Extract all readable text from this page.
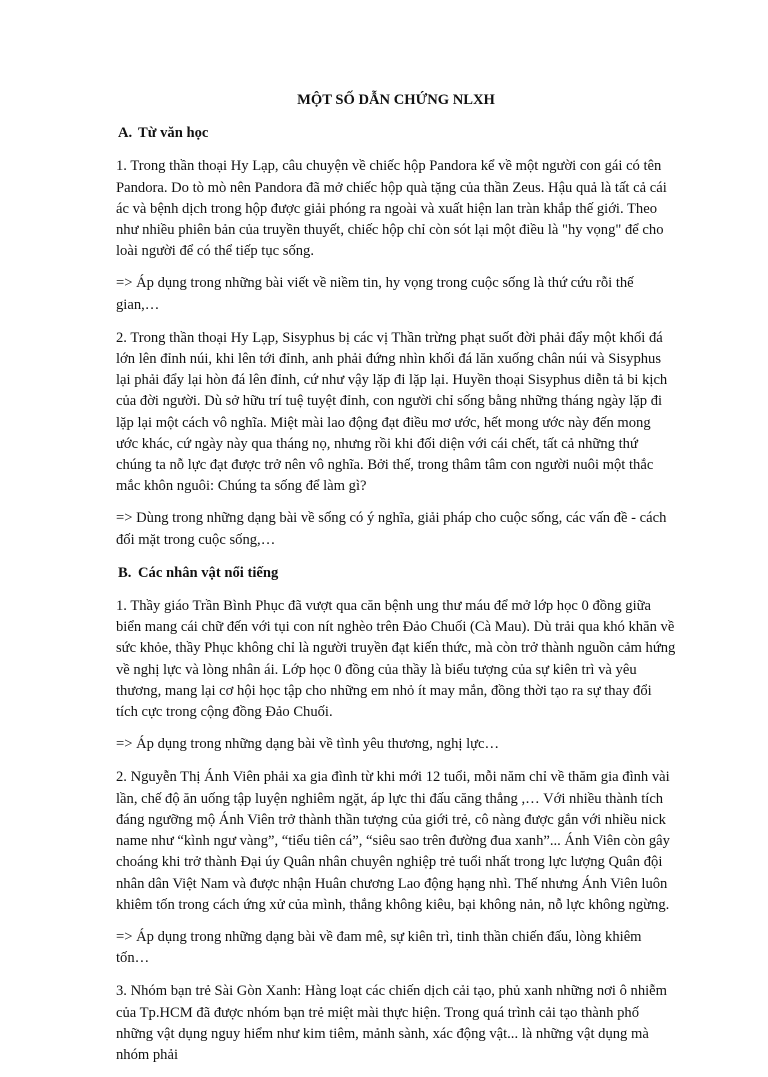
MỘT SỐ DẪN CHỨNG NLXH
A. Từ văn học
1. Trong thần thoại Hy Lạp, câu chuyện về chiếc hộp Pandora kể về một người con gái có tên Pandora. Do tò mò nên Pandora đã mở chiếc hộp quà tặng của thần Zeus. Hậu quả là tất cả cái ác và bệnh dịch trong hộp được giải phóng ra ngoài và xuất hiện lan tràn khắp thế giới. Theo như nhiều phiên bản của truyền thuyết, chiếc hộp chỉ còn sót lại một điều là "hy vọng" để cho loài người để có thể tiếp tục sống.
=> Áp dụng trong những bài viết về niềm tin, hy vọng trong cuộc sống là thứ cứu rỗi thế gian,…
2. Trong thần thoại Hy Lạp, Sisyphus bị các vị Thần trừng phạt suốt đời phải đẩy một khối đá lớn lên đỉnh núi, khi lên tới đỉnh, anh phải đứng nhìn khối đá lăn xuống chân núi và Sisyphus lại phải đẩy lại hòn đá lên đỉnh, cứ như vậy lặp đi lặp lại. Huyền thoại Sisyphus diễn tả bi kịch của đời người. Dù sở hữu trí tuệ tuyệt đỉnh, con người chỉ sống bằng những tháng ngày lặp đi lặp lại một cách vô nghĩa. Miệt mài lao động đạt điều mơ ước, hết mong ước này đến mong ước khác, cứ ngày này qua tháng nọ, nhưng rồi khi đối diện với cái chết, tất cả những thứ chúng ta nỗ lực đạt được trở nên vô nghĩa. Bởi thế, trong thâm tâm con người nuôi một thắc mắc khôn nguôi: Chúng ta sống để làm gì?
=> Dùng trong những dạng bài về sống có ý nghĩa, giải pháp cho cuộc sống, các vấn đề - cách đối mặt trong cuộc sống,…
B. Các nhân vật nổi tiếng
1. Thầy giáo Trần Bình Phục đã vượt qua căn bệnh ung thư máu để mở lớp học 0 đồng giữa biển mang cái chữ đến với tụi con nít nghèo trên Đảo Chuối (Cà Mau). Dù trải qua khó khăn về sức khỏe, thầy Phục không chỉ là người truyền đạt kiến thức, mà còn trở thành nguồn cảm hứng về nghị lực và lòng nhân ái. Lớp học 0 đồng của thầy là biểu tượng của sự kiên trì và yêu thương, mang lại cơ hội học tập cho những em nhỏ ít may mắn, đồng thời tạo ra sự thay đổi tích cực trong cộng đồng Đảo Chuối.
=> Áp dụng trong những dạng bài về tình yêu thương, nghị lực…
2. Nguyễn Thị Ánh Viên phải xa gia đình từ khi mới 12 tuổi, mỗi năm chỉ về thăm gia đình vài lần, chế độ ăn uống tập luyện nghiêm ngặt, áp lực thi đấu căng thẳng ,… Với nhiều thành tích đáng ngưỡng mộ Ánh Viên trở thành thần tượng của giới trẻ, cô nàng được gắn với nhiều nick name như “kình ngư vàng”, “tiểu tiên cá”, “siêu sao trên đường đua xanh”... Ánh Viên còn gây choáng khi trở thành Đại úy Quân nhân chuyên nghiệp trẻ tuổi nhất trong lực lượng Quân đội nhân dân Việt Nam và được nhận Huân chương Lao động hạng nhì. Thế nhưng Ánh Viên luôn khiêm tốn trong cách ứng xử của mình, thắng không kiêu, bại không nản, nỗ lực không ngừng.
=> Áp dụng trong những dạng bài về đam mê, sự kiên trì, tinh thần chiến đấu, lòng khiêm tốn…
3. Nhóm bạn trẻ Sài Gòn Xanh: Hàng loạt các chiến dịch cải tạo, phủ xanh những nơi ô nhiễm của Tp.HCM đã được nhóm bạn trẻ miệt mài thực hiện. Trong quá trình cải tạo thành phố những vật dụng nguy hiểm như kim tiêm, mảnh sành, xác động vật... là những vật dụng mà nhóm phải
